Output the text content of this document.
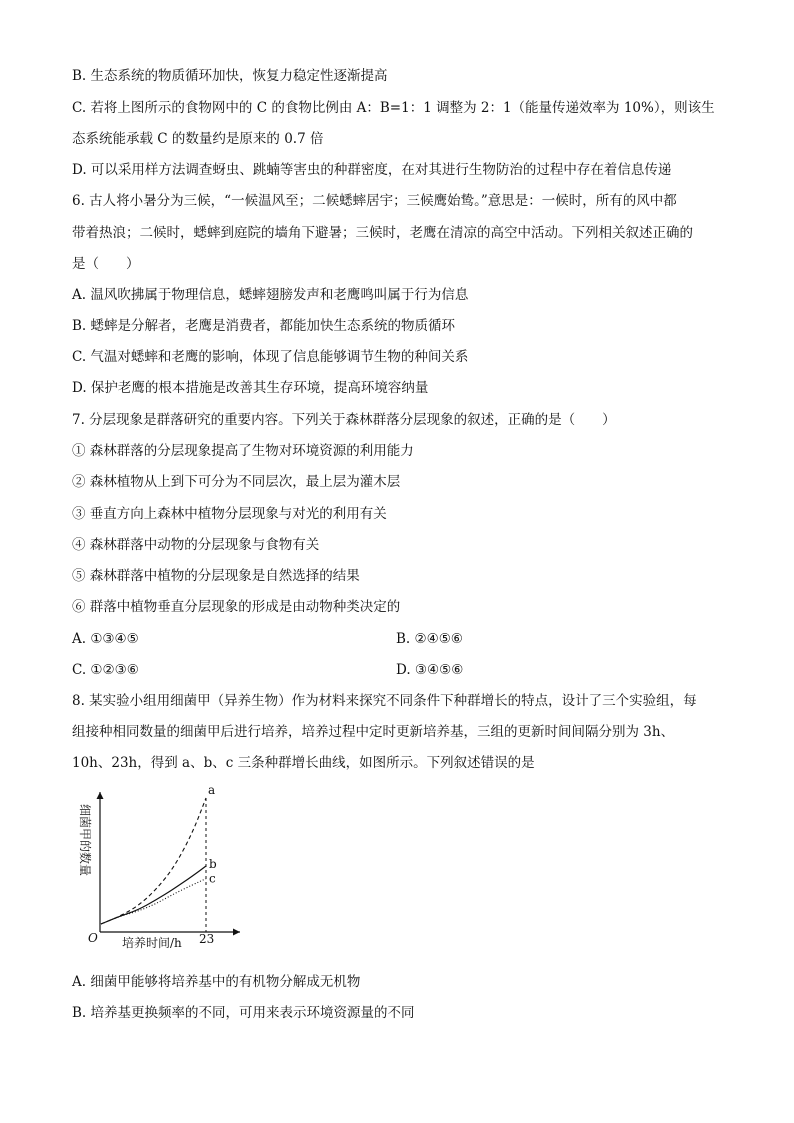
B. 生态系统的物质循环加快，恢复力稳定性逐渐提高
C. 若将上图所示的食物网中的 C 的食物比例由 A：B=1：1 调整为 2：1（能量传递效率为 10%），则该生
态系统能承载 C 的数量约是原来的 0.7 倍
D. 可以采用样方法调查蚜虫、跳蝻等害虫的种群密度，在对其进行生物防治的过程中存在着信息传递
6. 古人将小暑分为三候，“一候温风至；二候蟋蟀居宇；三候鹰始鸷。”意思是：一候时，所有的风中都
带着热浪；二候时，蟋蟀到庭院的墙角下避暑；三候时，老鹰在清凉的高空中活动。下列相关叙述正确的
是（　　）
A. 温风吹拂属于物理信息，蟋蟀翅膀发声和老鹰鸣叫属于行为信息
B. 蟋蟀是分解者，老鹰是消费者，都能加快生态系统的物质循环
C. 气温对蟋蟀和老鹰的影响，体现了信息能够调节生物的种间关系
D. 保护老鹰的根本措施是改善其生存环境，提高环境容纳量
7. 分层现象是群落研究的重要内容。下列关于森林群落分层现象的叙述，正确的是（　　）
① 森林群落的分层现象提高了生物对环境资源的利用能力
② 森林植物从上到下可分为不同层次，最上层为灌木层
③ 垂直方向上森林中植物分层现象与对光的利用有关
④ 森林群落中动物的分层现象与食物有关
⑤ 森林群落中植物的分层现象是自然选择的结果
⑥ 群落中植物垂直分层现象的形成是由动物种类决定的
A. ①③④⑤	B. ②④⑤⑥
C. ①②③⑥	D. ③④⑤⑥
8. 某实验小组用细菌甲（异养生物）作为材料来探究不同条件下种群增长的特点，设计了三个实验组，每
组接种相同数量的细菌甲后进行培养，培养过程中定时更新培养基，三组的更新时间间隔分别为 3h、
10h、23h，得到 a、b、c 三条种群增长曲线，如图所示。下列叙述错误的是
O 培养时间/h 23
细菌甲的数量
a
b
c
A. 细菌甲能够将培养基中的有机物分解成无机物
B. 培养基更换频率的不同，可用来表示环境资源量的不同
